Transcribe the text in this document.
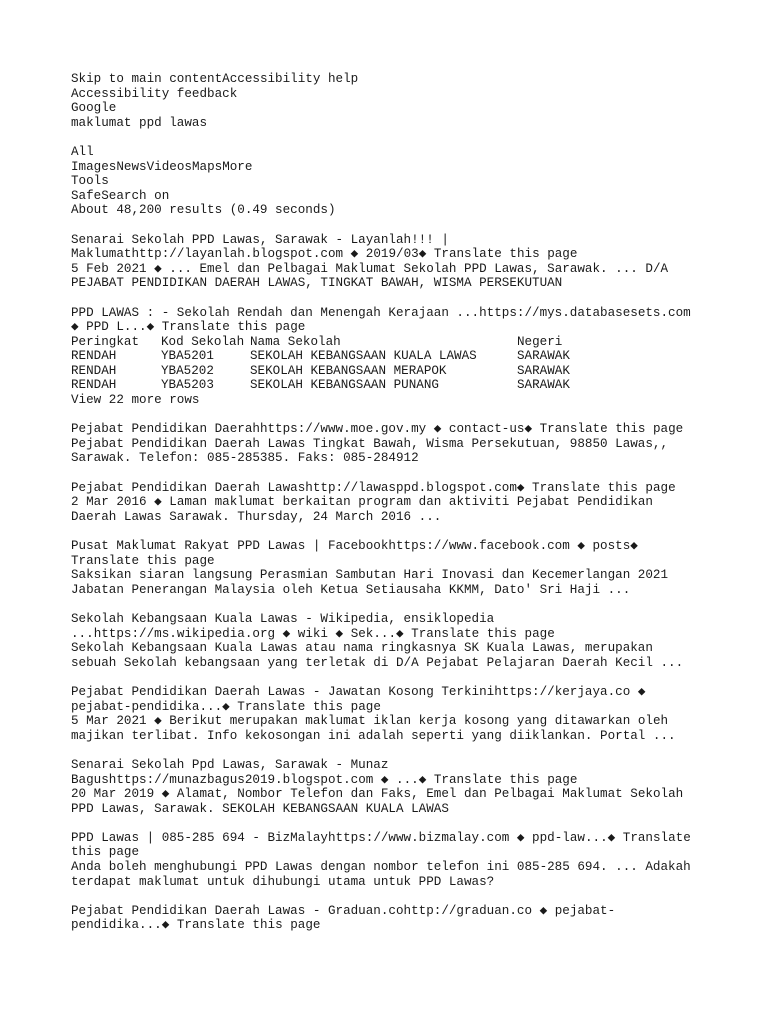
Skip to main contentAccessibility help
Accessibility feedback
Google
maklumat ppd lawas
All
ImagesNewsVideosMapsMore
Tools
SafeSearch on
About 48,200 results (0.49 seconds)
Senarai Sekolah PPD Lawas, Sarawak - Layanlah!!! | Maklumathttp://layanlah.blogspot.com ◆ 2019/03◆ Translate this page
5 Feb 2021 ◆ ... Emel dan Pelbagai Maklumat Sekolah PPD Lawas, Sarawak. ... D/A PEJABAT PENDIDIKAN DAERAH LAWAS, TINGKAT BAWAH, WISMA PERSEKUTUAN
PPD LAWAS : - Sekolah Rendah dan Menengah Kerajaan ...https://mys.databasesets.com ◆ PPD L...◆ Translate this page
Peringkat	Kod Sekolah	Nama Sekolah	Negeri
RENDAH	YBA5201	SEKOLAH KEBANGSAAN KUALA LAWAS	SARAWAK
RENDAH	YBA5202	SEKOLAH KEBANGSAAN MERAPOK	SARAWAK
RENDAH	YBA5203	SEKOLAH KEBANGSAAN PUNANG	SARAWAK
View 22 more rows
Pejabat Pendidikan Daerahhttps://www.moe.gov.my ◆ contact-us◆ Translate this page
Pejabat Pendidikan Daerah Lawas Tingkat Bawah, Wisma Persekutuan, 98850 Lawas,, Sarawak. Telefon: 085-285385. Faks: 085-284912
Pejabat Pendidikan Daerah Lawashttp://lawasppd.blogspot.com◆ Translate this page
2 Mar 2016 ◆ Laman maklumat berkaitan program dan aktiviti Pejabat Pendidikan Daerah Lawas Sarawak. Thursday, 24 March 2016 ...
Pusat Maklumat Rakyat PPD Lawas | Facebookhttps://www.facebook.com ◆ posts◆ Translate this page
Saksikan siaran langsung Perasmian Sambutan Hari Inovasi dan Kecemerlangan 2021 Jabatan Penerangan Malaysia oleh Ketua Setiausaha KKMM, Dato' Sri Haji ...
Sekolah Kebangsaan Kuala Lawas - Wikipedia, ensiklopedia ...https://ms.wikipedia.org ◆ wiki ◆ Sek...◆ Translate this page
Sekolah Kebangsaan Kuala Lawas atau nama ringkasnya SK Kuala Lawas, merupakan sebuah Sekolah kebangsaan yang terletak di D/A Pejabat Pelajaran Daerah Kecil ...
Pejabat Pendidikan Daerah Lawas - Jawatan Kosong Terkinihttps://kerjaya.co ◆ pejabat-pendidika...◆ Translate this page
5 Mar 2021 ◆ Berikut merupakan maklumat iklan kerja kosong yang ditawarkan oleh majikan terlibat. Info kekosongan ini adalah seperti yang diiklankan. Portal ...
Senarai Sekolah Ppd Lawas, Sarawak - Munaz Bagushttps://munazbagus2019.blogspot.com ◆ ...◆ Translate this page
20 Mar 2019 ◆ Alamat, Nombor Telefon dan Faks, Emel dan Pelbagai Maklumat Sekolah PPD Lawas, Sarawak. SEKOLAH KEBANGSAAN KUALA LAWAS
PPD Lawas | 085-285 694 - BizMalayhttps://www.bizmalay.com ◆ ppd-law...◆ Translate this page
Anda boleh menghubungi PPD Lawas dengan nombor telefon ini 085-285 694. ... Adakah terdapat maklumat untuk dihubungi utama untuk PPD Lawas?
Pejabat Pendidikan Daerah Lawas - Graduan.cohttp://graduan.co ◆ pejabat-pendidika...◆ Translate this page
